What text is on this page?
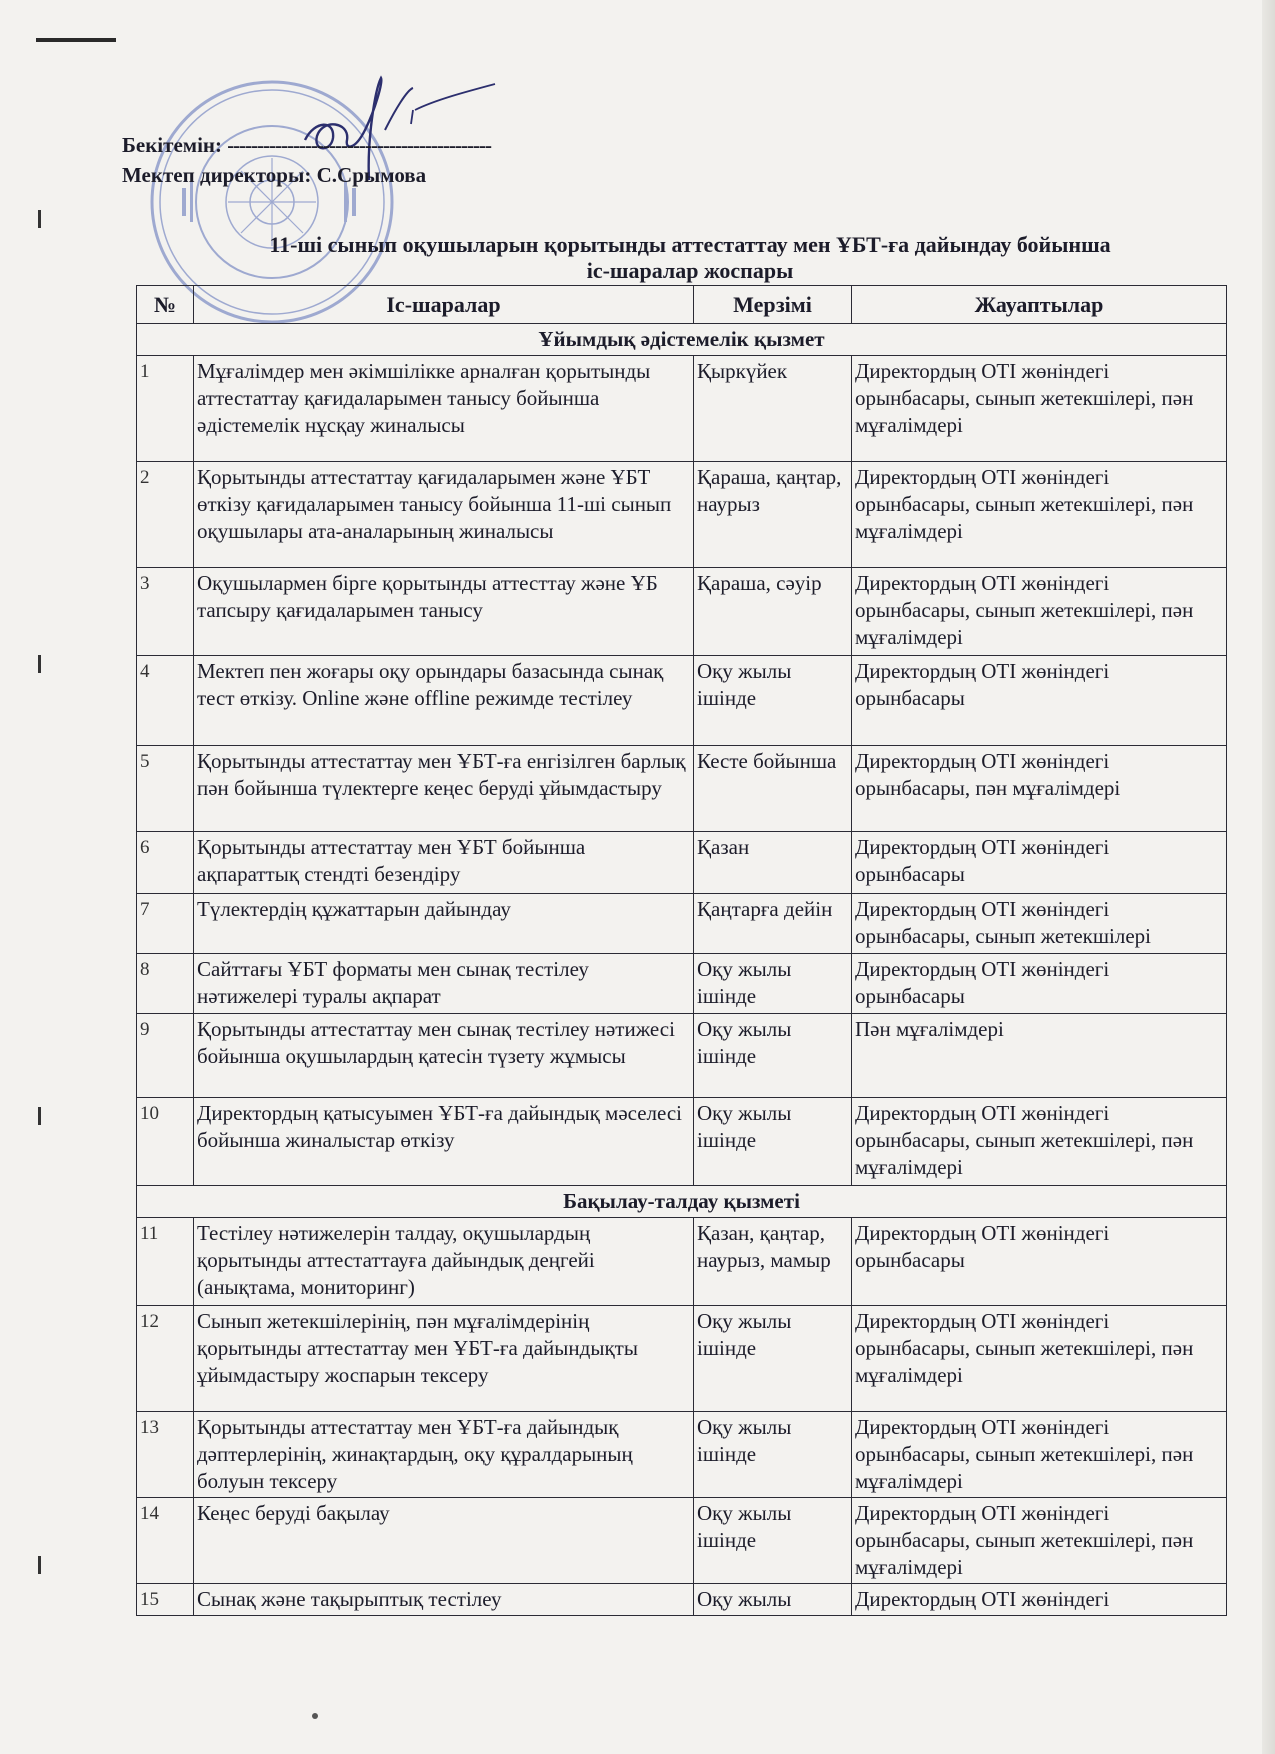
Бекітемін: --------------------------------------------
Мектеп директоры: С.Срымова
11-ші сынып оқушыларын қорытынды аттестаттау мен ҰБТ-ға дайындау бойынша
іс-шаралар жоспары
№	Іс-шаралар	Мерзімі	Жауаптылар
Ұйымдық әдістемелік қызмет			
1	Мұғалімдер мен әкімшілікке арналған қорытынды аттестаттау қағидаларымен танысу бойынша әдістемелік нұсқау жиналысы	Қыркүйек	Директордың ОТІ жөніндегі орынбасары, сынып жетекшілері, пән мұғалімдері
2	Қорытынды аттестаттау қағидаларымен және ҰБТ өткізу қағидаларымен танысу бойынша 11-ші сынып оқушылары ата-аналарының жиналысы	Қараша, қаңтар, наурыз	Директордың ОТІ жөніндегі орынбасары, сынып жетекшілері, пән мұғалімдері
3	Оқушылармен бірге қорытынды аттесттау және ҰБ тапсыру қағидаларымен танысу	Қараша, сәуір	Директордың ОТІ жөніндегі орынбасары, сынып жетекшілері, пән мұғалімдері
4	Мектеп пен жоғары оқу орындары базасында сынақ тест өткізу. Online және offline режимде тестілеу	Оқу жылы ішінде	Директордың ОТІ жөніндегі орынбасары
5	Қорытынды аттестаттау мен ҰБТ-ға енгізілген барлық пән бойынша түлектерге кеңес беруді ұйымдастыру	Кесте бойынша	Директордың ОТІ жөніндегі орынбасары, пән мұғалімдері
6	Қорытынды аттестаттау мен ҰБТ бойынша ақпараттық стендті безендіру	Қазан	Директордың ОТІ жөніндегі орынбасары
7	Түлектердің құжаттарын дайындау	Қаңтарға дейін	Директордың ОТІ жөніндегі орынбасары, сынып жетекшілері
8	Сайттағы ҰБТ форматы мен сынақ тестілеу нәтижелері туралы ақпарат	Оқу жылы ішінде	Директордың ОТІ жөніндегі орынбасары
9	Қорытынды аттестаттау мен сынақ тестілеу нәтижесі бойынша оқушылардың қатесін түзету жұмысы	Оқу жылы ішінде	Пән мұғалімдері
10	Директордың қатысуымен ҰБТ-ға дайындық мәселесі бойынша жиналыстар өткізу	Оқу жылы ішінде	Директордың ОТІ жөніндегі орынбасары, сынып жетекшілері, пән мұғалімдері
Бақылау-талдау қызметі			
11	Тестілеу нәтижелерін талдау, оқушылардың қорытынды аттестаттауға дайындық деңгейі (анықтама, мониторинг)	Қазан, қаңтар, наурыз, мамыр	Директордың ОТІ жөніндегі орынбасары
12	Сынып жетекшілерінің, пән мұғалімдерінің қорытынды аттестаттау мен ҰБТ-ға дайындықты ұйымдастыру жоспарын тексеру	Оқу жылы ішінде	Директордың ОТІ жөніндегі орынбасары, сынып жетекшілері, пән мұғалімдері
13	Қорытынды аттестаттау мен ҰБТ-ға дайындық дәптерлерінің, жинақтардың, оқу құралдарының болуын тексеру	Оқу жылы ішінде	Директордың ОТІ жөніндегі орынбасары, сынып жетекшілері, пән мұғалімдері
14	Кеңес беруді бақылау	Оқу жылы ішінде	Директордың ОТІ жөніндегі орынбасары, сынып жетекшілері, пән мұғалімдері
15	Сынақ және тақырыптық тестілеу	Оқу жылы	Директордың ОТІ жөніндегі
